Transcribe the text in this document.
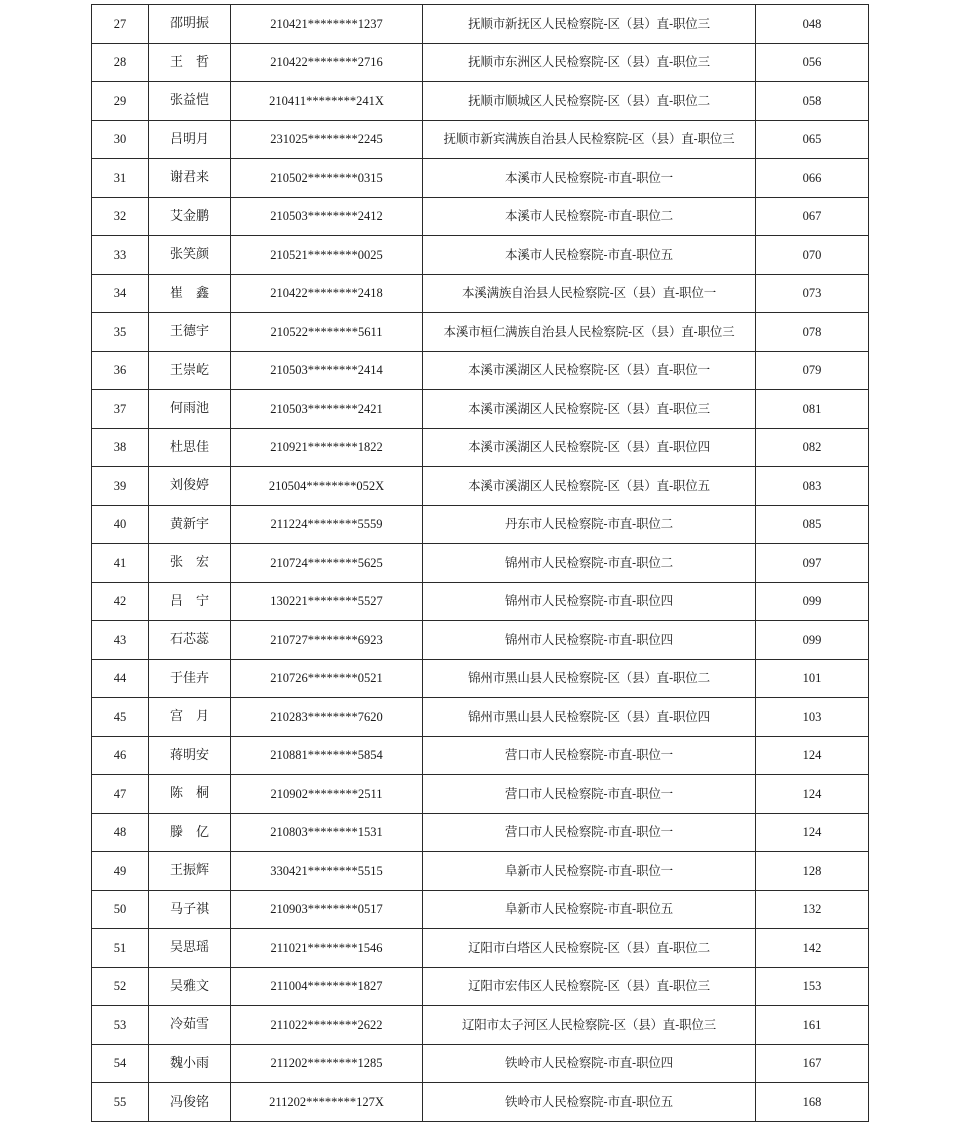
27	邵明振	210421********1237	抚顺市新抚区人民检察院-区（县）直-职位三	048
28	王　哲	210422********2716	抚顺市东洲区人民检察院-区（县）直-职位三	056
29	张益恺	210411********241X	抚顺市顺城区人民检察院-区（县）直-职位二	058
30	吕明月	231025********2245	抚顺市新宾满族自治县人民检察院-区（县）直-职位三	065
31	谢君来	210502********0315	本溪市人民检察院-市直-职位一	066
32	艾金鹏	210503********2412	本溪市人民检察院-市直-职位二	067
33	张笑颜	210521********0025	本溪市人民检察院-市直-职位五	070
34	崔　鑫	210422********2418	本溪满族自治县人民检察院-区（县）直-职位一	073
35	王德宇	210522********5611	本溪市桓仁满族自治县人民检察院-区（县）直-职位三	078
36	王崇屹	210503********2414	本溪市溪湖区人民检察院-区（县）直-职位一	079
37	何雨池	210503********2421	本溪市溪湖区人民检察院-区（县）直-职位三	081
38	杜思佳	210921********1822	本溪市溪湖区人民检察院-区（县）直-职位四	082
39	刘俊婷	210504********052X	本溪市溪湖区人民检察院-区（县）直-职位五	083
40	黄新宇	211224********5559	丹东市人民检察院-市直-职位二	085
41	张　宏	210724********5625	锦州市人民检察院-市直-职位二	097
42	吕　宁	130221********5527	锦州市人民检察院-市直-职位四	099
43	石芯蕊	210727********6923	锦州市人民检察院-市直-职位四	099
44	于佳卉	210726********0521	锦州市黑山县人民检察院-区（县）直-职位二	101
45	宫　月	210283********7620	锦州市黑山县人民检察院-区（县）直-职位四	103
46	蒋明安	210881********5854	营口市人民检察院-市直-职位一	124
47	陈　桐	210902********2511	营口市人民检察院-市直-职位一	124
48	滕　亿	210803********1531	营口市人民检察院-市直-职位一	124
49	王振辉	330421********5515	阜新市人民检察院-市直-职位一	128
50	马子祺	210903********0517	阜新市人民检察院-市直-职位五	132
51	吴思瑶	211021********1546	辽阳市白塔区人民检察院-区（县）直-职位二	142
52	吴雅文	211004********1827	辽阳市宏伟区人民检察院-区（县）直-职位三	153
53	冷茹雪	211022********2622	辽阳市太子河区人民检察院-区（县）直-职位三	161
54	魏小雨	211202********1285	铁岭市人民检察院-市直-职位四	167
55	冯俊铭	211202********127X	铁岭市人民检察院-市直-职位五	168
